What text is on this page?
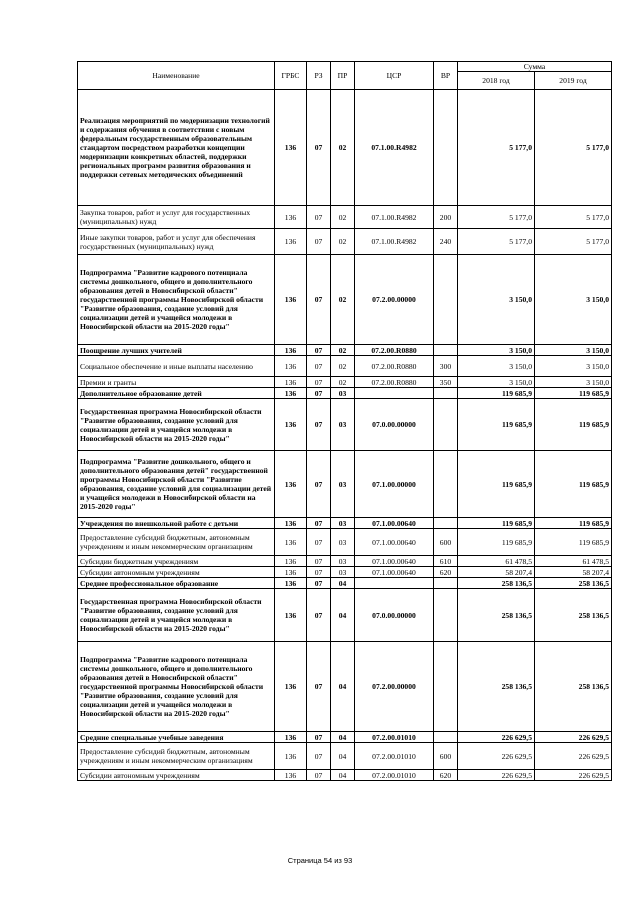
Наименование	ГРБС	РЗ	ПР	ЦСР	ВР	Сумма	
						2018 год	2019 год
Реализация мероприятий по модернизации технологий и содержания обучения в соответствии с новым федеральным государственным образовательным стандартом посредством разработки концепции модернизации конкретных областей, поддержки региональных программ развития образования и поддержки сетевых методических объединений	136	07	02	07.1.00.R4982		5 177,0	5 177,0
Закупка товаров, работ и услуг для государственных (муниципальных) нужд	136	07	02	07.1.00.R4982	200	5 177,0	5 177,0
Иные закупки товаров, работ и услуг для обеспечения государственных (муниципальных) нужд	136	07	02	07.1.00.R4982	240	5 177,0	5 177,0
Подпрограмма "Развитие кадрового потенциала системы дошкольного, общего и дополнительного образования детей в Новосибирской области" государственной программы Новосибирской области "Развитие образования, создание условий для социализации детей и учащейся молодежи в Новосибирской области на 2015-2020 годы"	136	07	02	07.2.00.00000		3 150,0	3 150,0
Поощрение лучших учителей	136	07	02	07.2.00.R0880		3 150,0	3 150,0
Социальное обеспечение и иные выплаты населению	136	07	02	07.2.00.R0880	300	3 150,0	3 150,0
Премии и гранты	136	07	02	07.2.00.R0880	350	3 150,0	3 150,0
Дополнительное образование детей	136	07	03			119 685,9	119 685,9
Государственная программа Новосибирской области "Развитие образования, создание условий для социализации детей и учащейся молодежи в Новосибирской области на 2015-2020 годы"	136	07	03	07.0.00.00000		119 685,9	119 685,9
Подпрограмма "Развитие дошкольного, общего и дополнительного образования детей" государственной программы Новосибирской области "Развитие образования, создание условий для социализации детей и учащейся молодежи в Новосибирской области на 2015-2020 годы"	136	07	03	07.1.00.00000		119 685,9	119 685,9
Учреждения по внешкольной работе с детьми	136	07	03	07.1.00.00640		119 685,9	119 685,9
Предоставление субсидий бюджетным, автономным учреждениям и иным некоммерческим организациям	136	07	03	07.1.00.00640	600	119 685,9	119 685,9
Субсидии бюджетным учреждениям	136	07	03	07.1.00.00640	610	61 478,5	61 478,5
Субсидии автономным учреждениям	136	07	03	07.1.00.00640	620	58 207,4	58 207,4
Среднее профессиональное образование	136	07	04			258 136,5	258 136,5
Государственная программа Новосибирской области "Развитие образования, создание условий для социализации детей и учащейся молодежи в Новосибирской области на 2015-2020 годы"	136	07	04	07.0.00.00000		258 136,5	258 136,5
Подпрограмма "Развитие кадрового потенциала системы дошкольного, общего и дополнительного образования детей в Новосибирской области" государственной программы Новосибирской области "Развитие образования, создание условий для социализации детей и учащейся молодежи в Новосибирской области на 2015-2020 годы"	136	07	04	07.2.00.00000		258 136,5	258 136,5
Средние специальные учебные заведения	136	07	04	07.2.00.01010		226 629,5	226 629,5
Предоставление субсидий бюджетным, автономным учреждениям и иным некоммерческим организациям	136	07	04	07.2.00.01010	600	226 629,5	226 629,5
Субсидии автономным учреждениям	136	07	04	07.2.00.01010	620	226 629,5	226 629,5
Страница 54 из 93
